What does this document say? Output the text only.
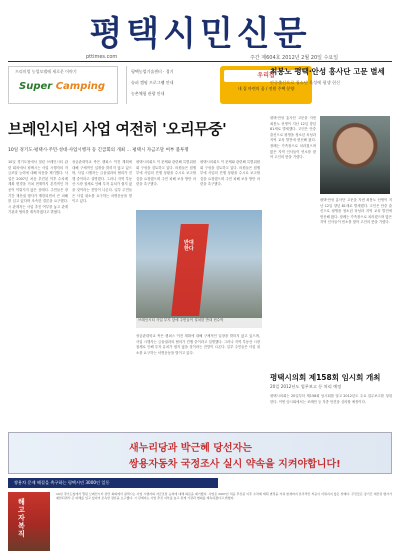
평택시민신문
pttimes.com	주간 제604호 2012년 2월 20일 수요일
프리미엄 농업모델에 새로운 이야기
Super Camping
평택농업기술센터 · 경기
슈퍼 캠핑 프로그램 안내
농촌체험 관광 안내
우리집
내 집 마련의 꿈 / 전원 주택 분양
브레인시티 사업 여전히 '오리무중'
10일 경기도·평택시·주민·성대·사업시행자 등 긴급회의 개최 ... 평택시 자금조달 여부 불투명
10일 경기도청에서 열린 브레인시티 관련 회의에서 평택시는 사업 시행자의 자금조달 능력에 대해 의문을 제기했다. 사업은 2007년 처음 추진된 이후 수차례 계획 변경을 거쳐 현재까지 본격적인 착공이 이뤄지지 않은 상태다. 주민들은 장기간 재산권 행사가 제한되면서 큰 피해를 입고 있다며 조속한 결론을 요구했다. 시 관계자는 사업 추진 여부를 놓고 관계 기관과 협의를 계속하겠다고 밝혔다.
성균관대학교 측은 캠퍼스 이전 계획에 대해 구체적인 입장을 밝히지 않고 있으며, 사업 시행자는 금융권과의 협의가 진행 중이라고 설명했다. 그러나 지역 부동산 시장 침체로 인해 투자 유치가 쉽지 않을 것이라는 전망이 나온다. 일부 주민들은 사업 취소를 요구하는 서명운동을 벌이고 있다.
평택시의회도 이 문제와 관련해 특별위원회 구성을 검토하고 있다. 의원들은 집행부에 사업의 진행 상황을 수시로 보고할 것을 요청했으며 주민 피해 보상 방안 마련을 촉구했다.
평택시의회도 이 문제와 관련해 특별위원회 구성을 검토하고 있다. 의원들은 집행부에 사업의 진행 상황을 수시로 보고할 것을 요청했으며 주민 피해 보상 방안 마련을 촉구했다.
성균관대학교 측은 캠퍼스 이전 계획에 대해 구체적인 입장을 밝히지 않고 있으며, 사업 시행자는 금융권과의 협의가 진행 중이라고 설명했다. 그러나 지역 부동산 시장 침체로 인해 투자 유치가 쉽지 않을 것이라는 전망이 나온다. 일부 주민들은 사업 취소를 요구하는 서명운동을 벌이고 있다.
반대한다
브레인시티 사업 부지 앞에 주민들이 설치한 반대 현수막
최봉노 평택·안성 흥사단 고문 별세
안중출신으로 청소년 육성에 평생 헌신
평택·안성 흥사단 고문을 지낸 최봉노 선생이 지난 12일 향년 81세로 별세했다. 고인은 안중 출신으로 평생을 청소년 육성과 지역 교육 발전에 헌신해 왔다. 장례는 가족장으로 치러졌으며 많은 지역 인사들이 빈소를 찾아 고인의 뜻을 기렸다.
평택·안성 흥사단 고문을 지낸 최봉노 선생이 지난 12일 향년 81세로 별세했다. 고인은 안중 출신으로 평생을 청소년 육성과 지역 교육 발전에 헌신해 왔다. 장례는 가족장으로 치러졌으며 많은 지역 인사들이 빈소를 찾아 고인의 뜻을 기렸다.
평택시의회 제158회 임시회 개최
20일 2012년도 업무보고 등 처리 예정
평택시의회는 20일부터 제158회 임시회를 열고 2012년도 주요 업무보고를 청취한다. 이번 임시회에서는 조례안 등 각종 안건을 심의할 예정이다.
새누리당과 박근혜 당선자는
쌍용자동차 국정조사 실시 약속을 지켜야합니다!
쌍용차 문제 해결을 촉구하는 평택시민 3000인 일동
해고자 복직
10일 경기도청에서 열린 브레인시티 관련 회의에서 평택시는 사업 시행자의 자금조달 능력에 대해 의문을 제기했다. 사업은 2007년 처음 추진된 이후 수차례 계획 변경을 거쳐 현재까지 본격적인 착공이 이뤄지지 않은 상태다. 주민들은 장기간 재산권 행사가 제한되면서 큰 피해를 입고 있다며 조속한 결론을 요구했다. 시 관계자는 사업 추진 여부를 놓고 관계 기관과 협의를 계속하겠다고 밝혔다.
